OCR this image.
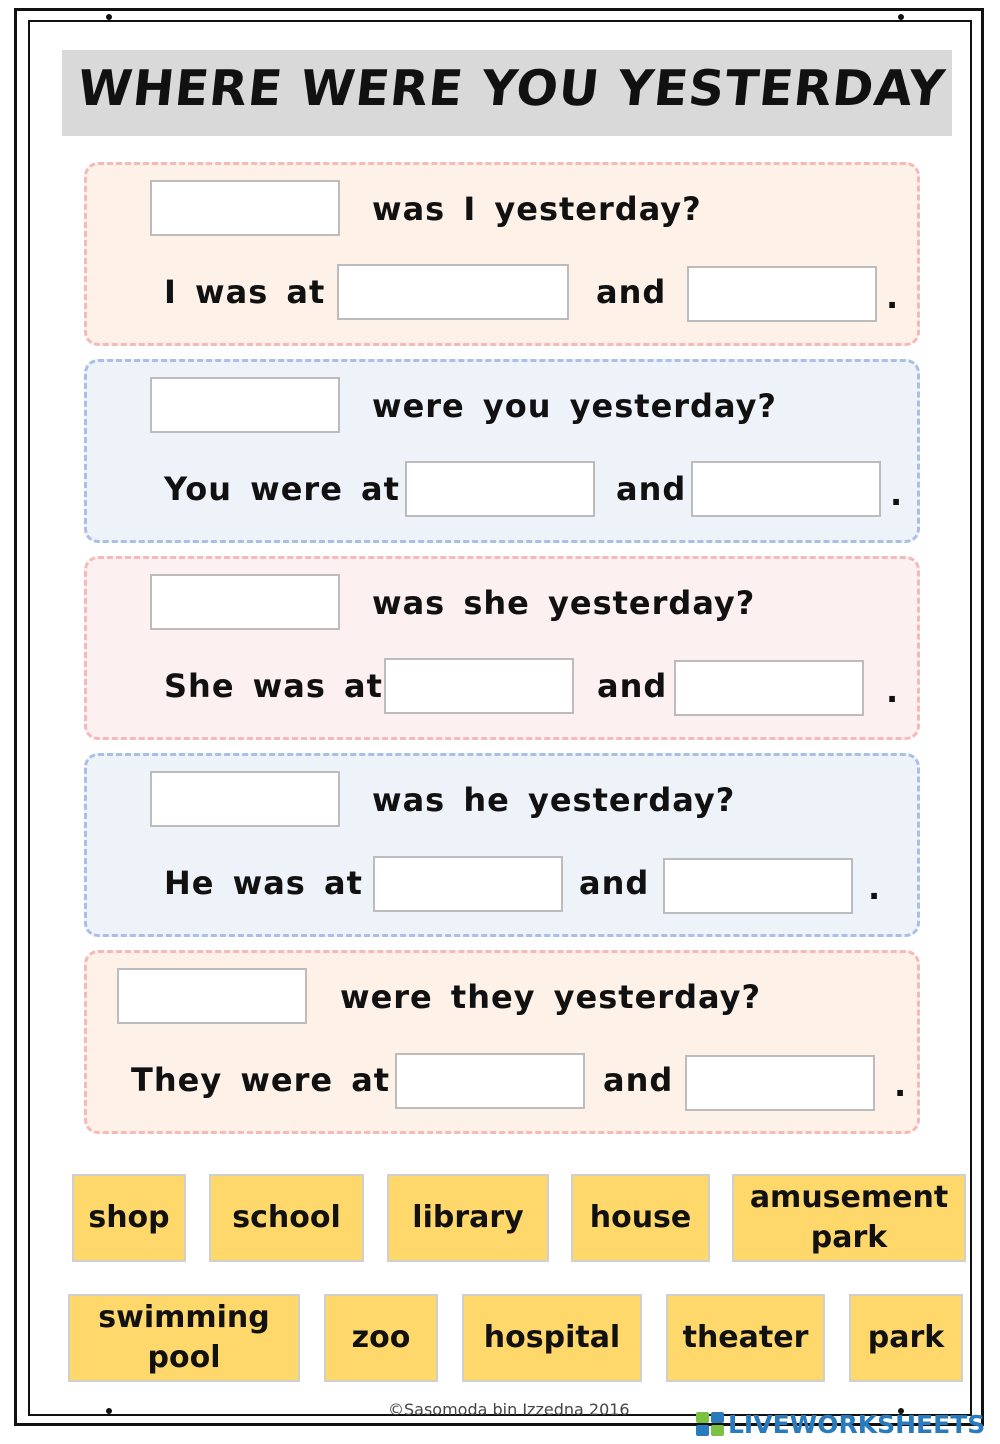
WHERE WERE YOU YESTERDAY
was I yesterday?
I was at	and	.
were you yesterday?
You were at	and	.
was she yesterday?
She was at	and	.
was he yesterday?
He was at	and	.
were they yesterday?
They were at	and	.
shop	school	library	house
amusement park
swimming pool
zoo	hospital	theater	park
©Sasomoda bin Izzedna 2016	LIVEWORKSHEETS
